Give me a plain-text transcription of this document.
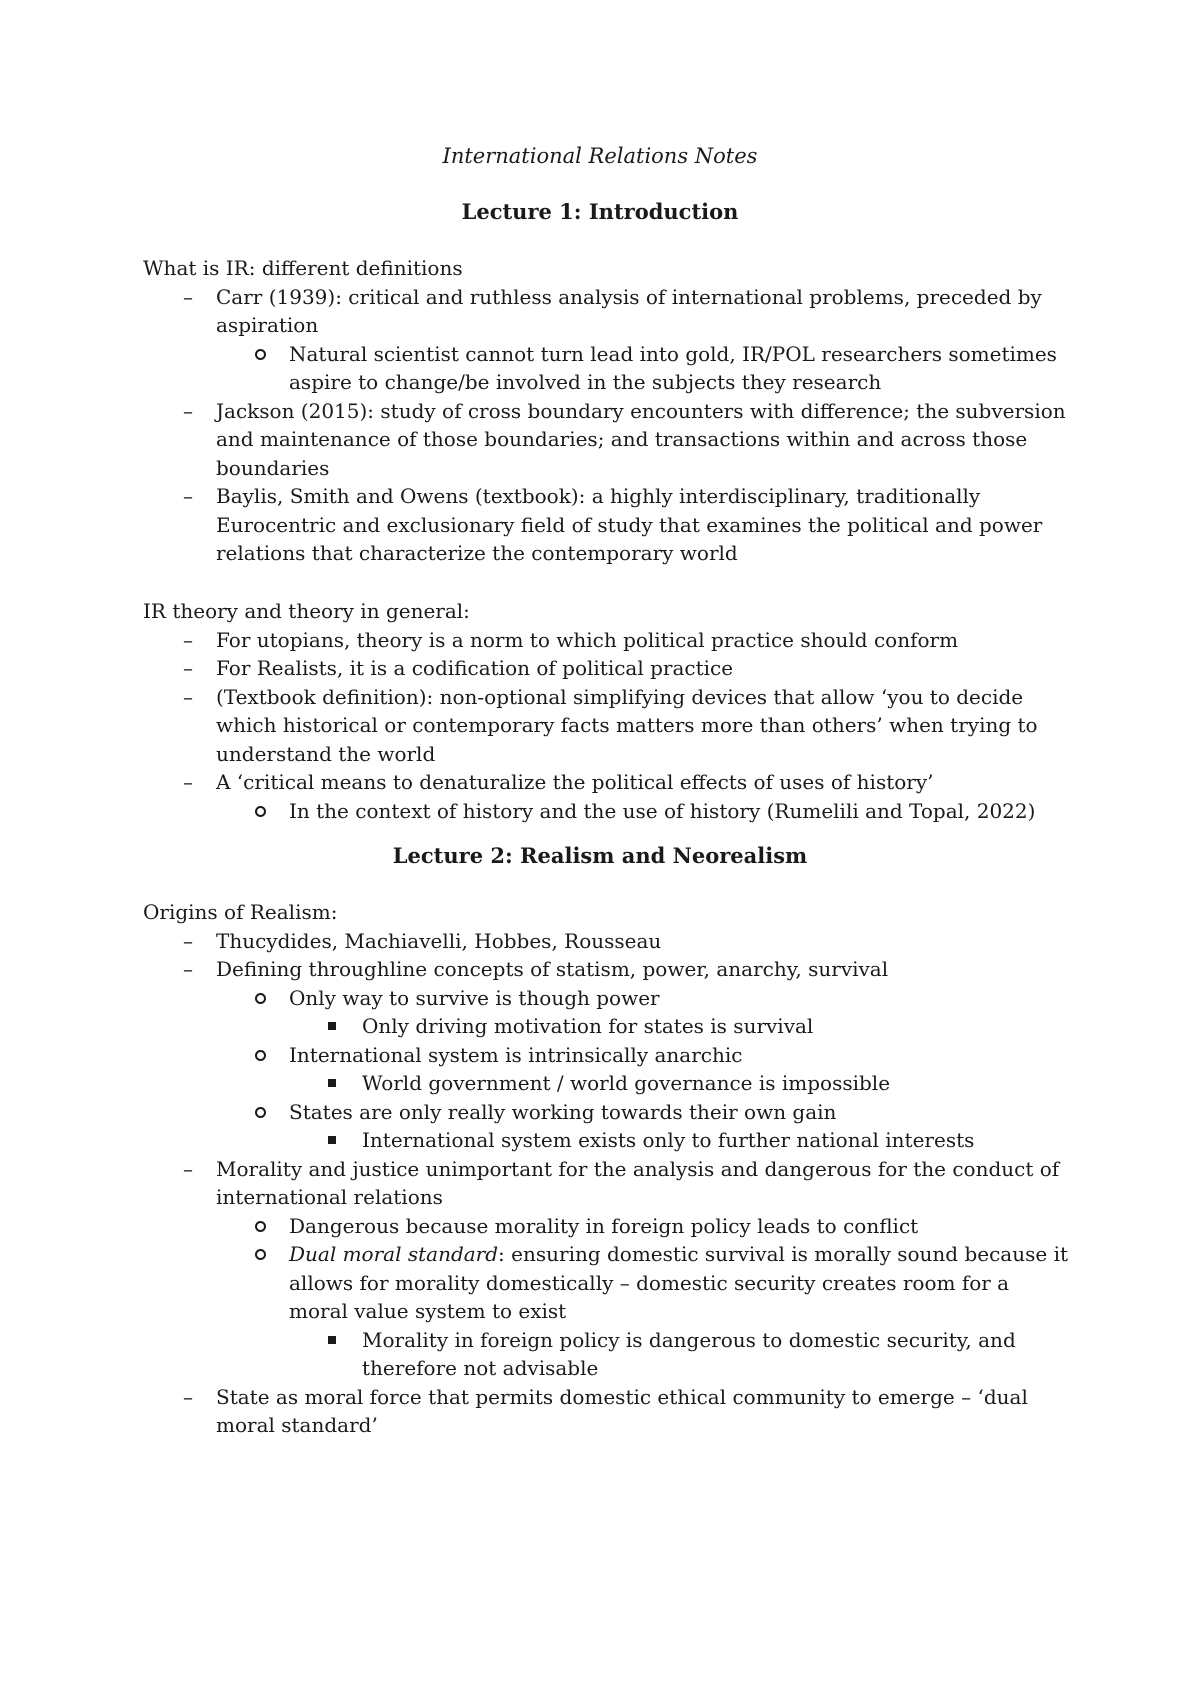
International Relations Notes
Lecture 1: Introduction

What is IR: different definitions

–
Carr (1939): critical and ruthless analysis of international problems, preceded by aspiration
Natural scientist cannot turn lead into gold, IR/POL researchers sometimes aspire to change/be involved in the subjects they research
–
Jackson (2015): study of cross boundary encounters with difference; the subversion and maintenance of those boundaries; and transactions within and across those boundaries
–
Baylis, Smith and Owens (textbook): a highly interdisciplinary, traditionally Eurocentric and exclusionary field of study that examines the political and power relations that characterize the contemporary world

IR theory and theory in general:

–
For utopians, theory is a norm to which political practice should conform
–
For Realists, it is a codification of political practice
–
(Textbook definition): non-optional simplifying devices that allow ‘you to decide which historical or contemporary facts matters more than others’ when trying to understand the world
–
A ‘critical means to denaturalize the political effects of uses of history’
In the context of history and the use of history (Rumelili and Topal, 2022)
Lecture 2: Realism and Neorealism

Origins of Realism:

–
Thucydides, Machiavelli, Hobbes, Rousseau
–
Defining throughline concepts of statism, power, anarchy, survival
Only way to survive is though power
Only driving motivation for states is survival
International system is intrinsically anarchic
World government / world governance is impossible
States are only really working towards their own gain
International system exists only to further national interests
–
Morality and justice unimportant for the analysis and dangerous for the conduct of international relations
Dangerous because morality in foreign policy leads to conflict
Dual moral standard: ensuring domestic survival is morally sound because it allows for morality domestically – domestic security creates room for a moral value system to exist
Morality in foreign policy is dangerous to domestic security, and therefore not advisable
–
State as moral force that permits domestic ethical community to emerge – ‘dual moral standard’
